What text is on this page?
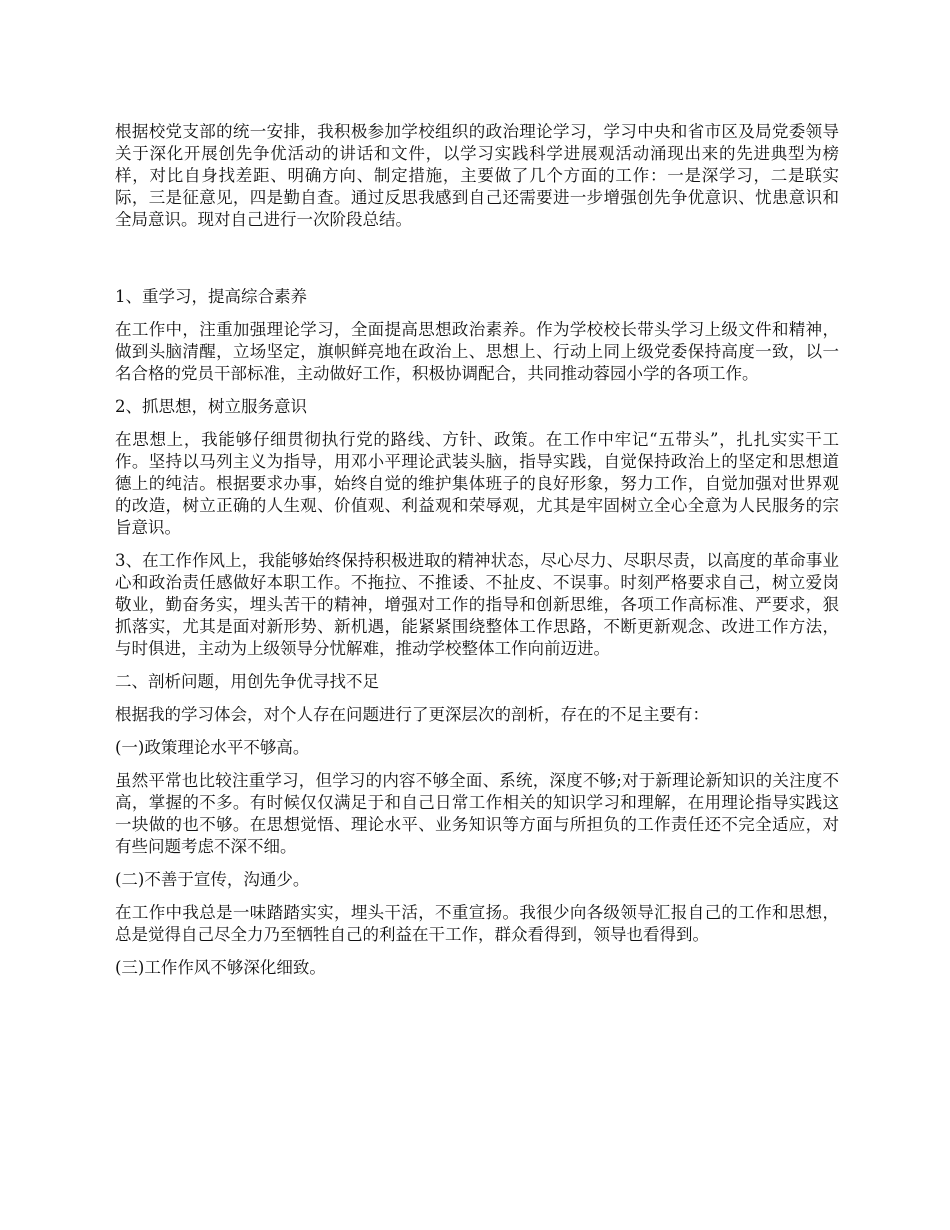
根据校党支部的统一安排，我积极参加学校组织的政治理论学习，学习中央和省市区及局党委领导关于深化开展创先争优活动的讲话和文件，以学习实践科学进展观活动涌现出来的先进典型为榜样，对比自身找差距、明确方向、制定措施，主要做了几个方面的工作：一是深学习，二是联实际，三是征意见，四是勤自查。通过反思我感到自己还需要进一步增强创先争优意识、忧患意识和全局意识。现对自己进行一次阶段总结。

1、重学习，提高综合素养

在工作中，注重加强理论学习，全面提高思想政治素养。作为学校校长带头学习上级文件和精神，做到头脑清醒，立场坚定，旗帜鲜亮地在政治上、思想上、行动上同上级党委保持高度一致，以一名合格的党员干部标准，主动做好工作，积极协调配合，共同推动蓉园小学的各项工作。

2、抓思想，树立服务意识

在思想上，我能够仔细贯彻执行党的路线、方针、政策。在工作中牢记“五带头”，扎扎实实干工作。坚持以马列主义为指导，用邓小平理论武装头脑，指导实践，自觉保持政治上的坚定和思想道德上的纯洁。根据要求办事，始终自觉的维护集体班子的良好形象，努力工作，自觉加强对世界观的改造，树立正确的人生观、价值观、利益观和荣辱观，尤其是牢固树立全心全意为人民服务的宗旨意识。

3、在工作作风上，我能够始终保持积极进取的精神状态，尽心尽力、尽职尽责，以高度的革命事业心和政治责任感做好本职工作。不拖拉、不推诿、不扯皮、不误事。时刻严格要求自己，树立爱岗敬业，勤奋务实，埋头苦干的精神，增强对工作的指导和创新思维，各项工作高标准、严要求，狠抓落实，尤其是面对新形势、新机遇，能紧紧围绕整体工作思路，不断更新观念、改进工作方法，与时俱进，主动为上级领导分忧解难，推动学校整体工作向前迈进。

二、剖析问题，用创先争优寻找不足

根据我的学习体会，对个人存在问题进行了更深层次的剖析，存在的不足主要有：

(一)政策理论水平不够高。

虽然平常也比较注重学习，但学习的内容不够全面、系统，深度不够;对于新理论新知识的关注度不高，掌握的不多。有时候仅仅满足于和自己日常工作相关的知识学习和理解，在用理论指导实践这一块做的也不够。在思想觉悟、理论水平、业务知识等方面与所担负的工作责任还不完全适应，对有些问题考虑不深不细。

(二)不善于宣传，沟通少。

在工作中我总是一味踏踏实实，埋头干活，不重宣扬。我很少向各级领导汇报自己的工作和思想，总是觉得自己尽全力乃至牺牲自己的利益在干工作，群众看得到，领导也看得到。

(三)工作作风不够深化细致。
